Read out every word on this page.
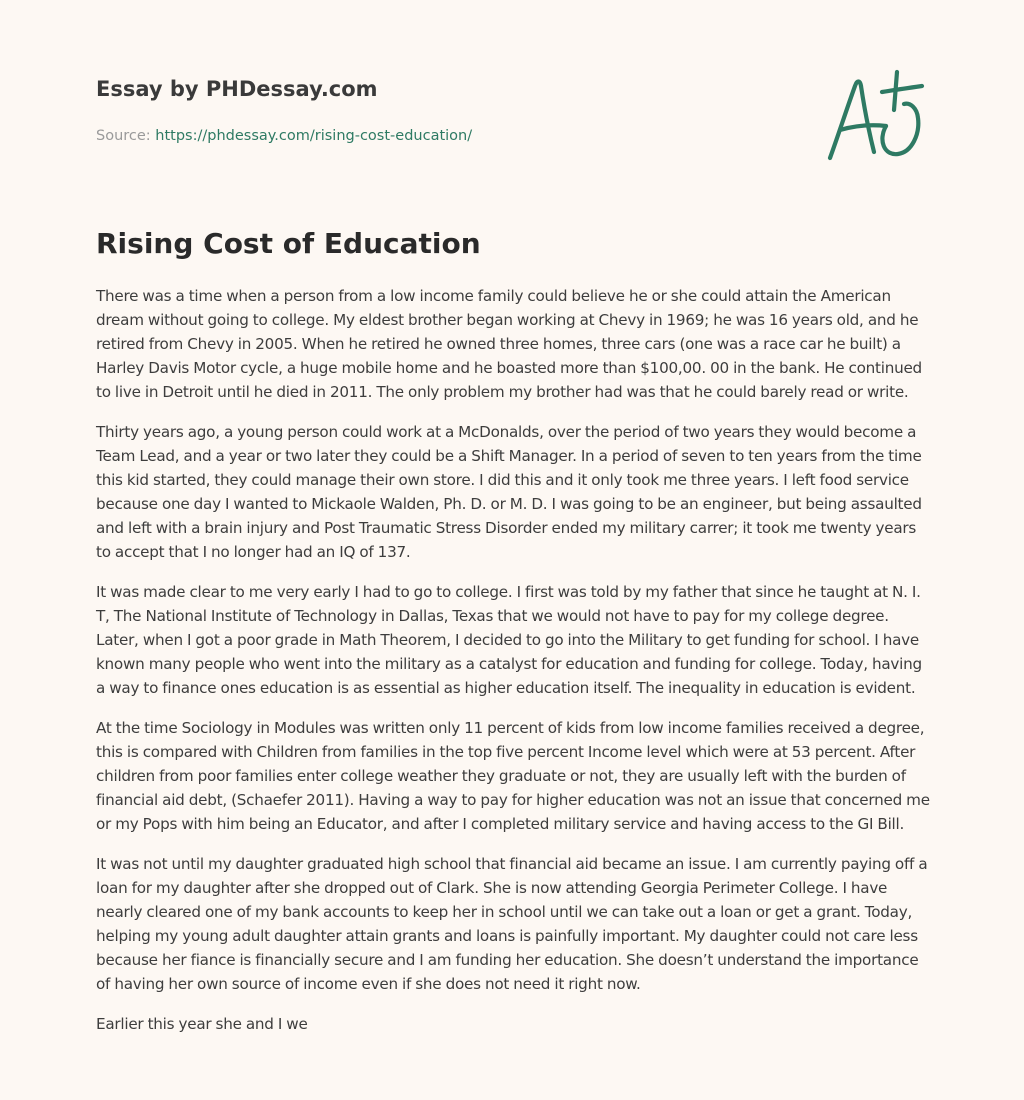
Essay by PHDessay.com

Source: https://phdessay.com/rising-cost-education/
Rising Cost of Education

There was a time when a person from a low income family could believe he or she could attain the American dream without going to college. My eldest brother began working at Chevy in 1969; he was 16 years old, and he retired from Chevy in 2005. When he retired he owned three homes, three cars (one was a race car he built) a Harley Davis Motor cycle, a huge mobile home and he boasted more than $100,00. 00 in the bank. He continued to live in Detroit until he died in 2011. The only problem my brother had was that he could barely read or write.

Thirty years ago, a young person could work at a McDonalds, over the period of two years they would become a Team Lead, and a year or two later they could be a Shift Manager. In a period of seven to ten years from the time this kid started, they could manage their own store. I did this and it only took me three years. I left food service because one day I wanted to Mickaole Walden, Ph. D. or M. D. I was going to be an engineer, but being assaulted and left with a brain injury and Post Traumatic Stress Disorder ended my military carrer; it took me twenty years to accept that I no longer had an IQ of 137.

It was made clear to me very early I had to go to college. I first was told by my father that since he taught at N. I. T, The National Institute of Technology in Dallas, Texas that we would not have to pay for my college degree. Later, when I got a poor grade in Math Theorem, I decided to go into the Military to get funding for school. I have known many people who went into the military as a catalyst for education and funding for college. Today, having a way to finance ones education is as essential as higher education itself. The inequality in education is evident.

At the time Sociology in Modules was written only 11 percent of kids from low income families received a degree, this is compared with Children from families in the top five percent Income level which were at 53 percent. After children from poor families enter college weather they graduate or not, they are usually left with the burden of financial aid debt, (Schaefer 2011). Having a way to pay for higher education was not an issue that concerned me or my Pops with him being an Educator, and after I completed military service and having access to the GI Bill.

It was not until my daughter graduated high school that financial aid became an issue. I am currently paying off a loan for my daughter after she dropped out of Clark. She is now attending Georgia Perimeter College. I have nearly cleared one of my bank accounts to keep her in school until we can take out a loan or get a grant. Today, helping my young adult daughter attain grants and loans is painfully important. My daughter could not care less because her fiance is financially secure and I am funding her education. She doesn’t understand the importance of having her own source of income even if she does not need it right now.

Earlier this year she and I we
